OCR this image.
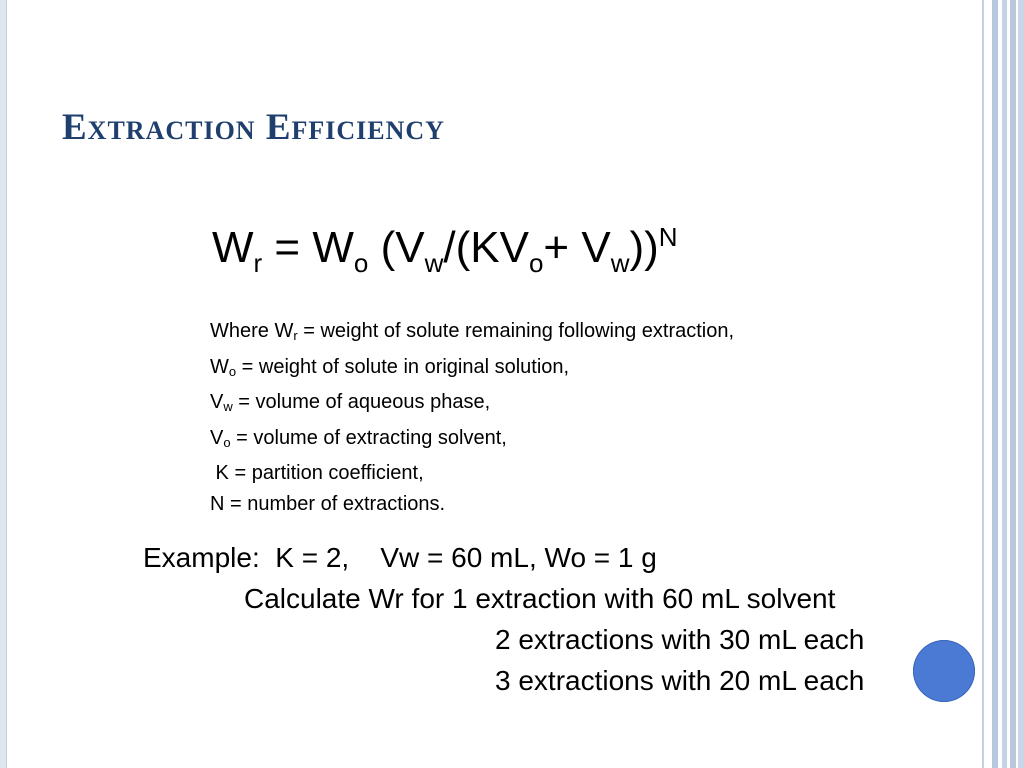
Extraction Efficiency
$W_r = W_o$ $(V_w/(KV_o+ V_w))^N$
Where $W_r$ = weight of solute remaining following extraction,
$W_o$ = weight of solute in original solution,
$V_w$ = volume of aqueous phase,
$V_o$ = volume of extracting solvent,
K = partition coefficient,
N = number of extractions.
Example:  K = 2,    Vw = 60 mL, Wo = 1 g
Calculate Wr for 1 extraction with 60 mL solvent
2 extractions with 30 mL each
3 extractions with 20 mL each
